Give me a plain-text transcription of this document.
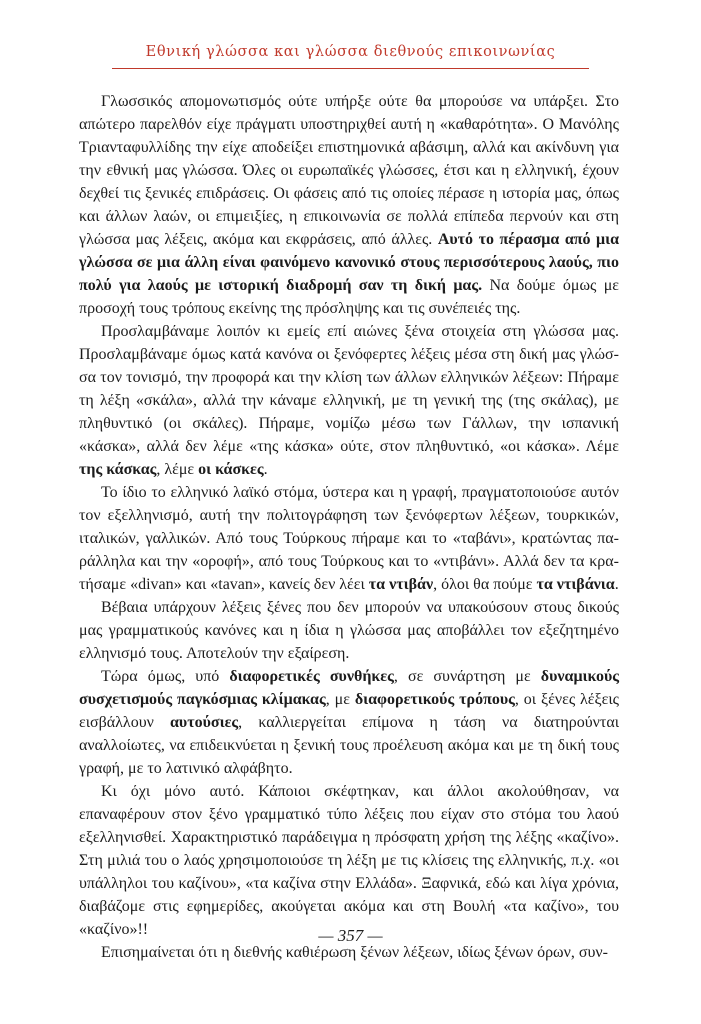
Εθνική γλώσσα και γλώσσα διεθνούς επικοινωνίας

Γλωσσικός απομονωτισμός ούτε υπήρξε ούτε θα μπορούσε να υπάρξει. Στο απώτερο παρελθόν είχε πράγματι υποστηριχθεί αυτή η «καθαρότητα». Ο Μανόλης Τριανταφυλλίδης την είχε αποδείξει επιστημονικά αβάσιμη, αλλά και ακίνδυνη για την εθνική μας γλώσσα. Όλες οι ευρωπαϊκές γλώσσες, έτσι και η ελληνική, έχουν δεχθεί τις ξενικές επιδράσεις. Οι φάσεις από τις οποίες πέρασε η ιστορία μας, όπως και άλλων λαών, οι επιμειξίες, η επικοινωνία σε πολλά επίπεδα περνούν και στη γλώσσα μας λέξεις, ακόμα και εκφράσεις, από άλλες. Αυτό το πέρασμα από μια γλώσσα σε μια άλλη είναι φαινόμενο κανονικό στους περισσότερους λαούς, πιο πολύ για λαούς με ιστορική διαδρομή σαν τη δική μας. Να δούμε όμως με προσοχή τους τρόπους εκείνης της πρόσληψης και τις συνέπειές της.

Προσλαμβάναμε λοιπόν κι εμείς επί αιώνες ξένα στοιχεία στη γλώσσα μας. Προσλαμβάναμε όμως κατά κανόνα οι ξενόφερτες λέξεις μέσα στη δική μας γλώσσα τον τονισμό, την προφορά και την κλίση των άλλων ελληνικών λέξεων: Πήραμε τη λέξη «σκάλα», αλλά την κάναμε ελληνική, με τη γενική της (της σκάλας), με πληθυντικό (οι σκάλες). Πήραμε, νομίζω μέσω των Γάλλων, την ισπανική «κάσκα», αλλά δεν λέμε «της κάσκα» ούτε, στον πληθυντικό, «οι κάσκα». Λέμε της κάσκας, λέμε οι κάσκες.

Το ίδιο το ελληνικό λαϊκό στόμα, ύστερα και η γραφή, πραγματοποιούσε αυτόν τον εξελληνισμό, αυτή την πολιτογράφηση των ξενόφερτων λέξεων, τουρκικών, ιταλικών, γαλλικών. Από τους Τούρκους πήραμε και το «ταβάνι», κρατώντας παράλληλα και την «οροφή», από τους Τούρκους και το «ντιβάνι». Αλλά δεν τα κρατήσαμε «divan» και «tavan», κανείς δεν λέει τα ντιβάν, όλοι θα πούμε τα ντιβάνια.

Βέβαια υπάρχουν λέξεις ξένες που δεν μπορούν να υπακούσουν στους δικούς μας γραμματικούς κανόνες και η ίδια η γλώσσα μας αποβάλλει τον εξεζητημένο ελληνισμό τους. Αποτελούν την εξαίρεση.

Τώρα όμως, υπό διαφορετικές συνθήκες, σε συνάρτηση με δυναμικούς συσχετισμούς παγκόσμιας κλίμακας, με διαφορετικούς τρόπους, οι ξένες λέξεις εισβάλλουν αυτούσιες, καλλιεργείται επίμονα η τάση να διατηρούνται αναλλοίωτες, να επιδεικνύεται η ξενική τους προέλευση ακόμα και με τη δική τους γραφή, με το λατινικό αλφάβητο.

Κι όχι μόνο αυτό. Κάποιοι σκέφτηκαν, και άλλοι ακολούθησαν, να επαναφέρουν στον ξένο γραμματικό τύπο λέξεις που είχαν στο στόμα του λαού εξελληνισθεί. Χαρακτηριστικό παράδειγμα η πρόσφατη χρήση της λέξης «καζίνο». Στη μιλιά του ο λαός χρησιμοποιούσε τη λέξη με τις κλίσεις της ελληνικής, π.χ. «οι υπάλληλοι του καζίνου», «τα καζίνα στην Ελλάδα». Ξαφνικά, εδώ και λίγα χρόνια, διαβάζομε στις εφημερίδες, ακούγεται ακόμα και στη Βουλή «τα καζίνο», του «καζίνο»!!

Επισημαίνεται ότι η διεθνής καθιέρωση ξένων λέξεων, ιδίως ξένων όρων, συν-

— 357 —
